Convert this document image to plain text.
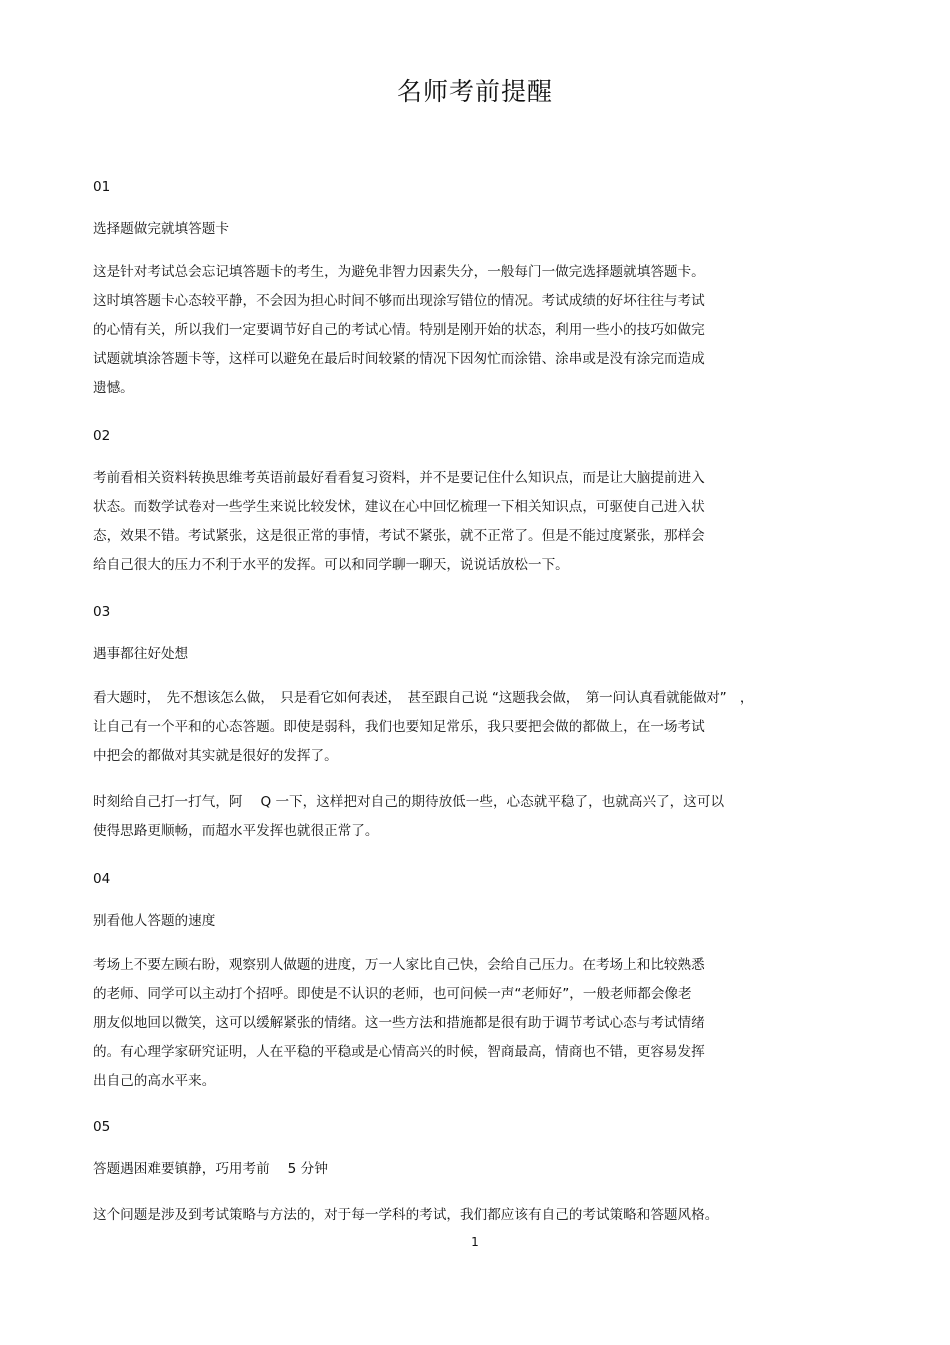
名师考前提醒
01
选择题做完就填答题卡
这是针对考试总会忘记填答题卡的考生，为避免非智力因素失分，一般每门一做完选择题就填答题卡。
这时填答题卡心态较平静，不会因为担心时间不够而出现涂写错位的情况。考试成绩的好坏往往与考试
的心情有关，所以我们一定要调节好自己的考试心情。特别是刚开始的状态，利用一些小的技巧如做完
试题就填涂答题卡等，这样可以避免在最后时间较紧的情况下因匆忙而涂错、涂串或是没有涂完而造成
遗憾。
02
考前看相关资料转换思维考英语前最好看看复习资料，并不是要记住什么知识点，而是让大脑提前进入
状态。而数学试卷对一些学生来说比较发怵，建议在心中回忆梳理一下相关知识点，可驱使自己进入状
态，效果不错。考试紧张，这是很正常的事情，考试不紧张，就不正常了。但是不能过度紧张，那样会
给自己很大的压力不利于水平的发挥。可以和同学聊一聊天，说说话放松一下。
03
遇事都往好处想
看大题时，　先不想该怎么做，　只是看它如何表述，　甚至跟自己说 “这题我会做，　第一问认真看就能做对”　，
让自己有一个平和的心态答题。即使是弱科，我们也要知足常乐，我只要把会做的都做上，在一场考试
中把会的都做对其实就是很好的发挥了。
时刻给自己打一打气，阿　 Q 一下，这样把对自己的期待放低一些，心态就平稳了，也就高兴了，这可以
使得思路更顺畅，而超水平发挥也就很正常了。
04
别看他人答题的速度
考场上不要左顾右盼，观察别人做题的进度，万一人家比自己快，会给自己压力。在考场上和比较熟悉
的老师、同学可以主动打个招呼。即使是不认识的老师，也可问候一声“老师好”，一般老师都会像老
朋友似地回以微笑，这可以缓解紧张的情绪。这一些方法和措施都是很有助于调节考试心态与考试情绪
的。有心理学家研究证明，人在平稳的平稳或是心情高兴的时候，智商最高，情商也不错，更容易发挥
出自己的高水平来。
05
答题遇困难要镇静，巧用考前　 5 分钟
这个问题是涉及到考试策略与方法的，对于每一学科的考试，我们都应该有自己的考试策略和答题风格。
1
